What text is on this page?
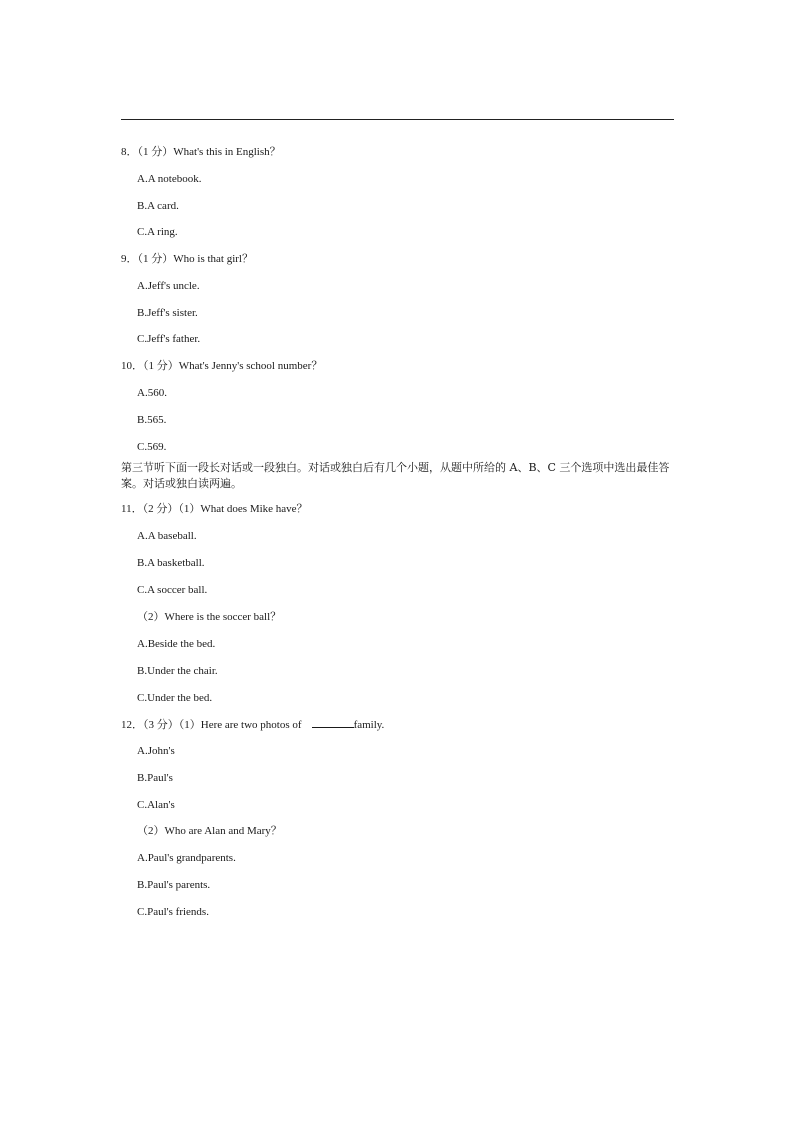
8．（1 分）What's this in English？
A.A notebook.
B.A card.
C.A ring.
9．（1 分）Who is that girl？
A.Jeff's uncle.
B.Jeff's sister.
C.Jeff's father.
10．（1 分）What's Jenny's school number？
A.560.
B.565.
C.569.
第三节听下面一段长对话或一段独白。对话或独白后有几个小题，从题中所给的 A、B、C 三个选项中选出最佳答案。对话或独白读两遍。
11．（2 分）（1）What does Mike have？
A.A baseball.
B.A basketball.
C.A soccer ball.
（2）Where is the soccer ball？
A.Beside the bed.
B.Under the chair.
C.Under the bed.
12．（3 分）（1）Here are two photos of	family.
A.John's
B.Paul's
C.Alan's
（2）Who are Alan and Mary？
A.Paul's grandparents.
B.Paul's parents.
C.Paul's friends.
